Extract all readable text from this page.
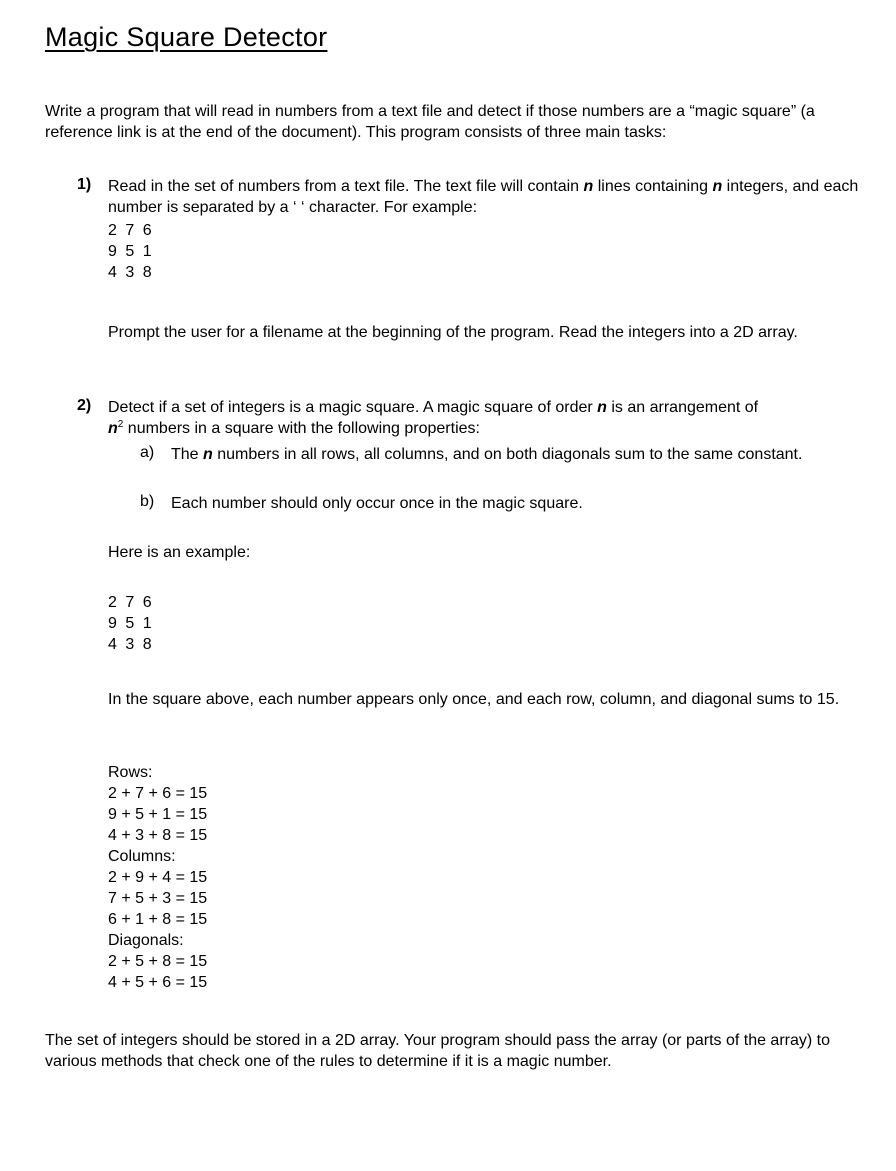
Magic Square Detector

Write a program that will read in numbers from a text file and detect if those numbers are a “magic square” (a reference link is at the end of the document). This program consists of three main tasks:

1) Read in the set of numbers from a text file. The text file will contain n lines containing n integers, and each number is separated by a ‘ ‘ character. For example:

2 7 6
9 5 1
4 3 8

Prompt the user for a filename at the beginning of the program. Read the integers into a 2D array.

2) Detect if a set of integers is a magic square. A magic square of order n is an arrangement of
$n^2$ numbers in a square with the following properties:

a) The n numbers in all rows, all columns, and on both diagonals sum to the same constant.

b) Each number should only occur once in the magic square.

Here is an example:

2 7 6
9 5 1
4 3 8

In the square above, each number appears only once, and each row, column, and diagonal sums to 15.

Rows:
2 + 7 + 6 = 15
9 + 5 + 1 = 15
4 + 3 + 8 = 15
Columns:
2 + 9 + 4 = 15
7 + 5 + 3 = 15
6 + 1 + 8 = 15
Diagonals:
2 + 5 + 8 = 15
4 + 5 + 6 = 15

The set of integers should be stored in a 2D array. Your program should pass the array (or parts of the array) to various methods that check one of the rules to determine if it is a magic number.
